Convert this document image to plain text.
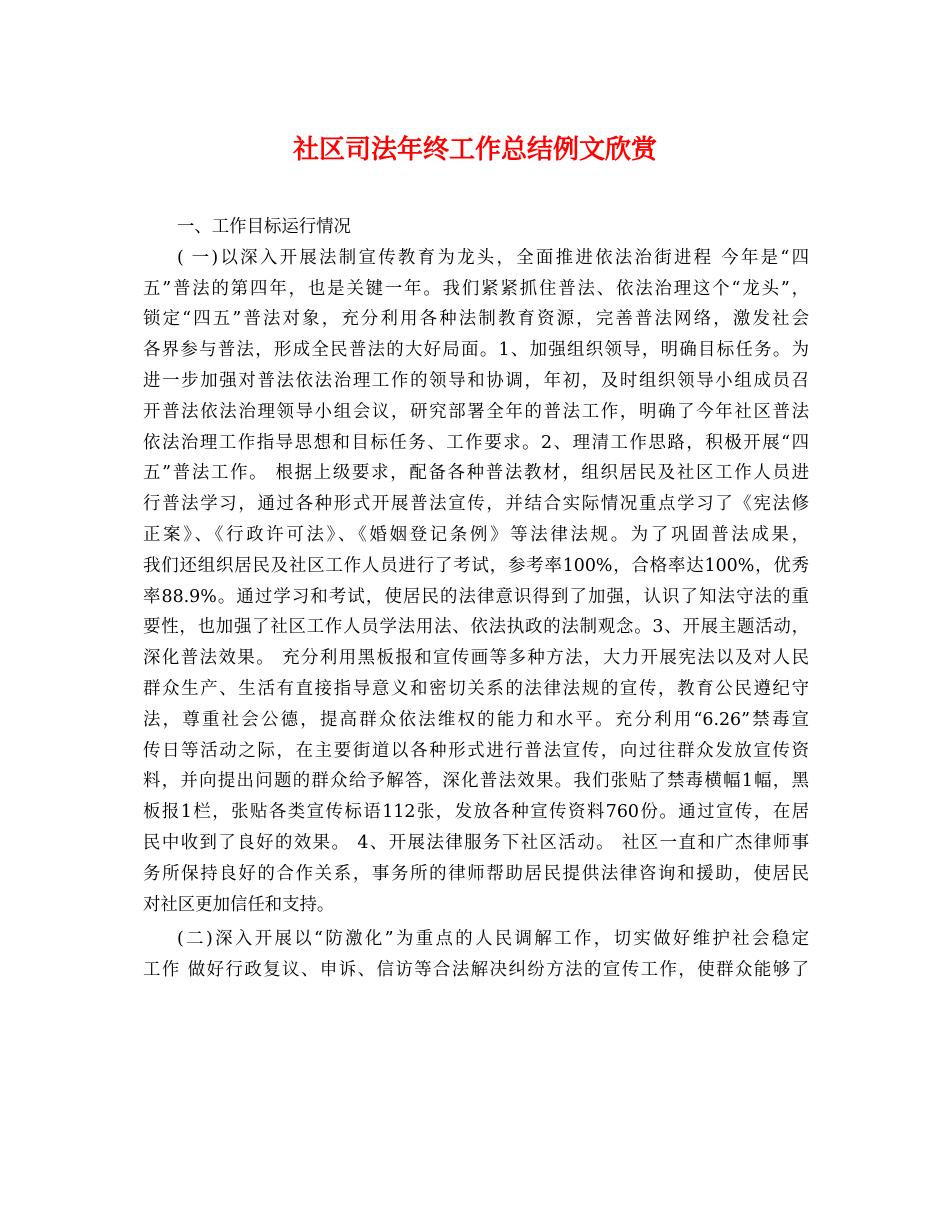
社区司法年终工作总结例文欣赏
一、工作目标运行情况
( 一)以深入开展法制宣传教育为龙头，全面推进依法治街进程 今年是“四
五”普法的第四年，也是关键一年。我们紧紧抓住普法、依法治理这个“龙头”，
锁定“四五”普法对象，充分利用各种法制教育资源，完善普法网络，激发社会
各界参与普法，形成全民普法的大好局面。1、加强组织领导，明确目标任务。为
进一步加强对普法依法治理工作的领导和协调，年初，及时组织领导小组成员召
开普法依法治理领导小组会议，研究部署全年的普法工作，明确了今年社区普法
依法治理工作指导思想和目标任务、工作要求。2、理清工作思路，积极开展“四
五”普法工作。 根据上级要求，配备各种普法教材，组织居民及社区工作人员进
行普法学习，通过各种形式开展普法宣传，并结合实际情况重点学习了《宪法修
正案》、《行政许可法》、《婚姻登记条例》等法律法规。为了巩固普法成果，
我们还组织居民及社区工作人员进行了考试，参考率100%，合格率达100%，优秀
率88.9%。通过学习和考试，使居民的法律意识得到了加强，认识了知法守法的重
要性，也加强了社区工作人员学法用法、依法执政的法制观念。3、开展主题活动，
深化普法效果。 充分利用黑板报和宣传画等多种方法，大力开展宪法以及对人民
群众生产、生活有直接指导意义和密切关系的法律法规的宣传，教育公民遵纪守
法，尊重社会公德，提高群众依法维权的能力和水平。充分利用“6.26”禁毒宣
传日等活动之际，在主要街道以各种形式进行普法宣传，向过往群众发放宣传资
料，并向提出问题的群众给予解答，深化普法效果。我们张贴了禁毒横幅1幅，黑
板报1栏，张贴各类宣传标语112张，发放各种宣传资料760份。通过宣传，在居
民中收到了良好的效果。 4、开展法律服务下社区活动。 社区一直和广杰律师事
务所保持良好的合作关系，事务所的律师帮助居民提供法律咨询和援助，使居民
对社区更加信任和支持。
(二)深入开展以“防激化”为重点的人民调解工作，切实做好维护社会稳定
工作 做好行政复议、申诉、信访等合法解决纠纷方法的宣传工作，使群众能够了
